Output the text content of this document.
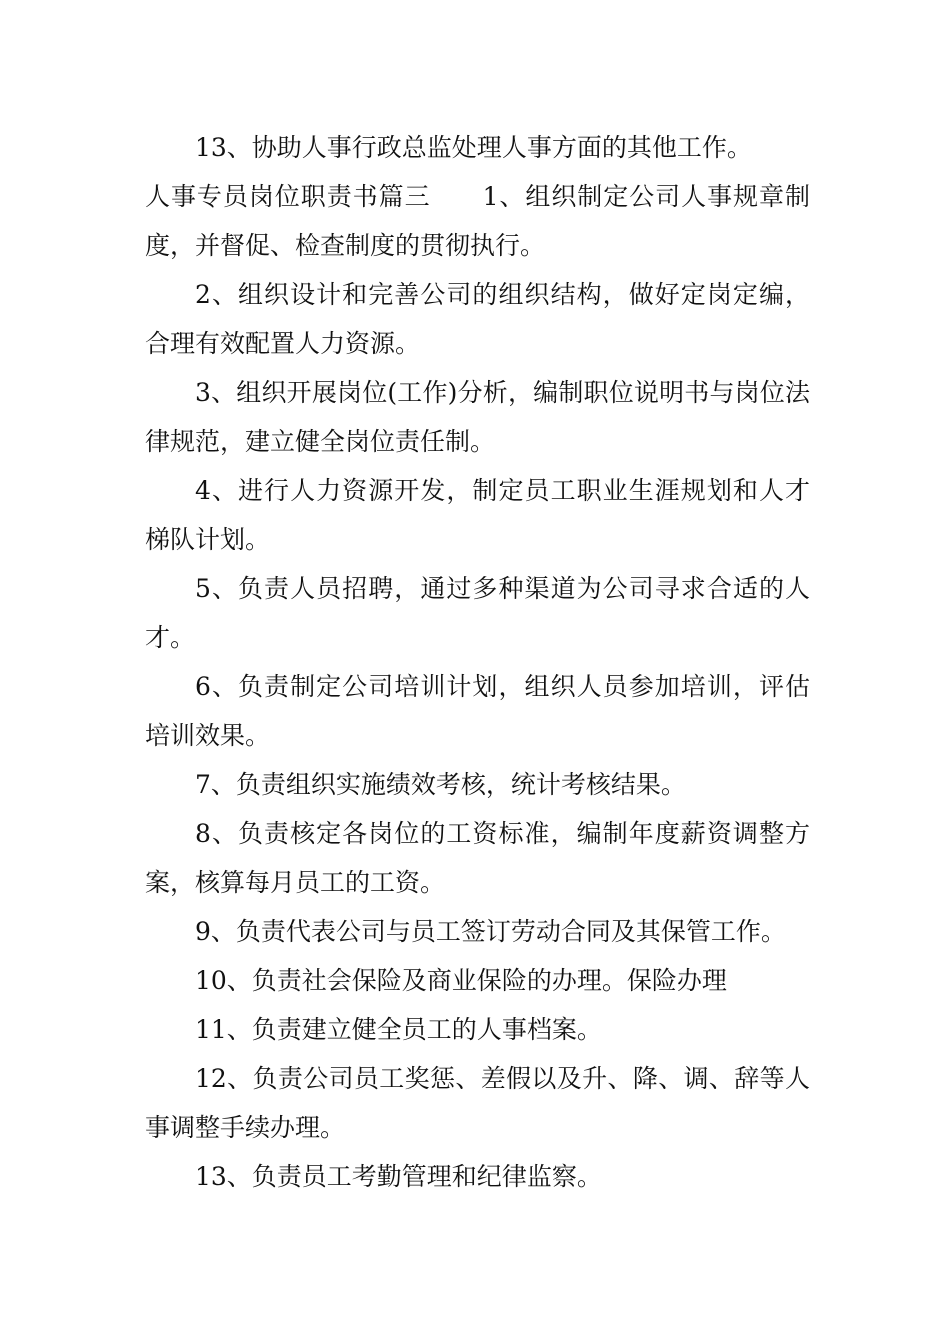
13、协助人事行政总监处理人事方面的其他工作。

人事专员岗位职责书篇三 1、组织制定公司人事规章制度，并督促、检查制度的贯彻执行。

2、组织设计和完善公司的组织结构，做好定岗定编，合理有效配置人力资源。

3、组织开展岗位(工作)分析，编制职位说明书与岗位法律规范，建立健全岗位责任制。

4、进行人力资源开发，制定员工职业生涯规划和人才梯队计划。

5、负责人员招聘，通过多种渠道为公司寻求合适的人才。

6、负责制定公司培训计划，组织人员参加培训，评估培训效果。

7、负责组织实施绩效考核，统计考核结果。

8、负责核定各岗位的工资标准，编制年度薪资调整方案，核算每月员工的工资。

9、负责代表公司与员工签订劳动合同及其保管工作。

10、负责社会保险及商业保险的办理。保险办理

11、负责建立健全员工的人事档案。

12、负责公司员工奖惩、差假以及升、降、调、辞等人事调整手续办理。

13、负责员工考勤管理和纪律监察。
